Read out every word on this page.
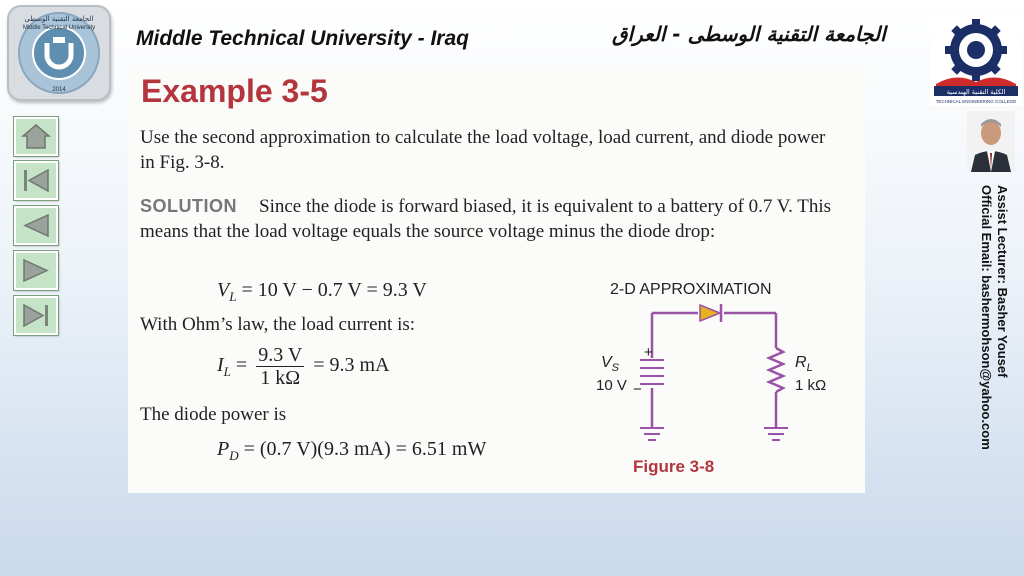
الجامعة التقنية الوسطى
Middle Technical University
2014
Middle Technical University - Iraq	الجامعة التقنية الوسطى - العراق
الكلية التقنية الهندسية
TECHNICAL ENGINEERING COLLEGE
Assist Lecturer: Basher Yousef
Official Email: bashermohson@yahoo.com
Example 3-5
Use the second approximation to calculate the load voltage, load current, and diode power in Fig. 3-8.
SOLUTION Since the diode is forward biased, it is equivalent to a battery of 0.7 V. This means that the load voltage equals the source voltage minus the diode drop:
$V_L = 10$ V − 0.7 V = 9.3 V
With Ohm’s law, the load current is:
$I_L = \frac{9.3 V}{1 k\Omega} = 9.3$ mA
The diode power is
$P_D = (0.7$ V)(9.3 mA) = 6.51 mW
2-D APPROXIMATION
+
−
$V_S$
10 V
$R_L$
1 kΩ
Figure 3-8
